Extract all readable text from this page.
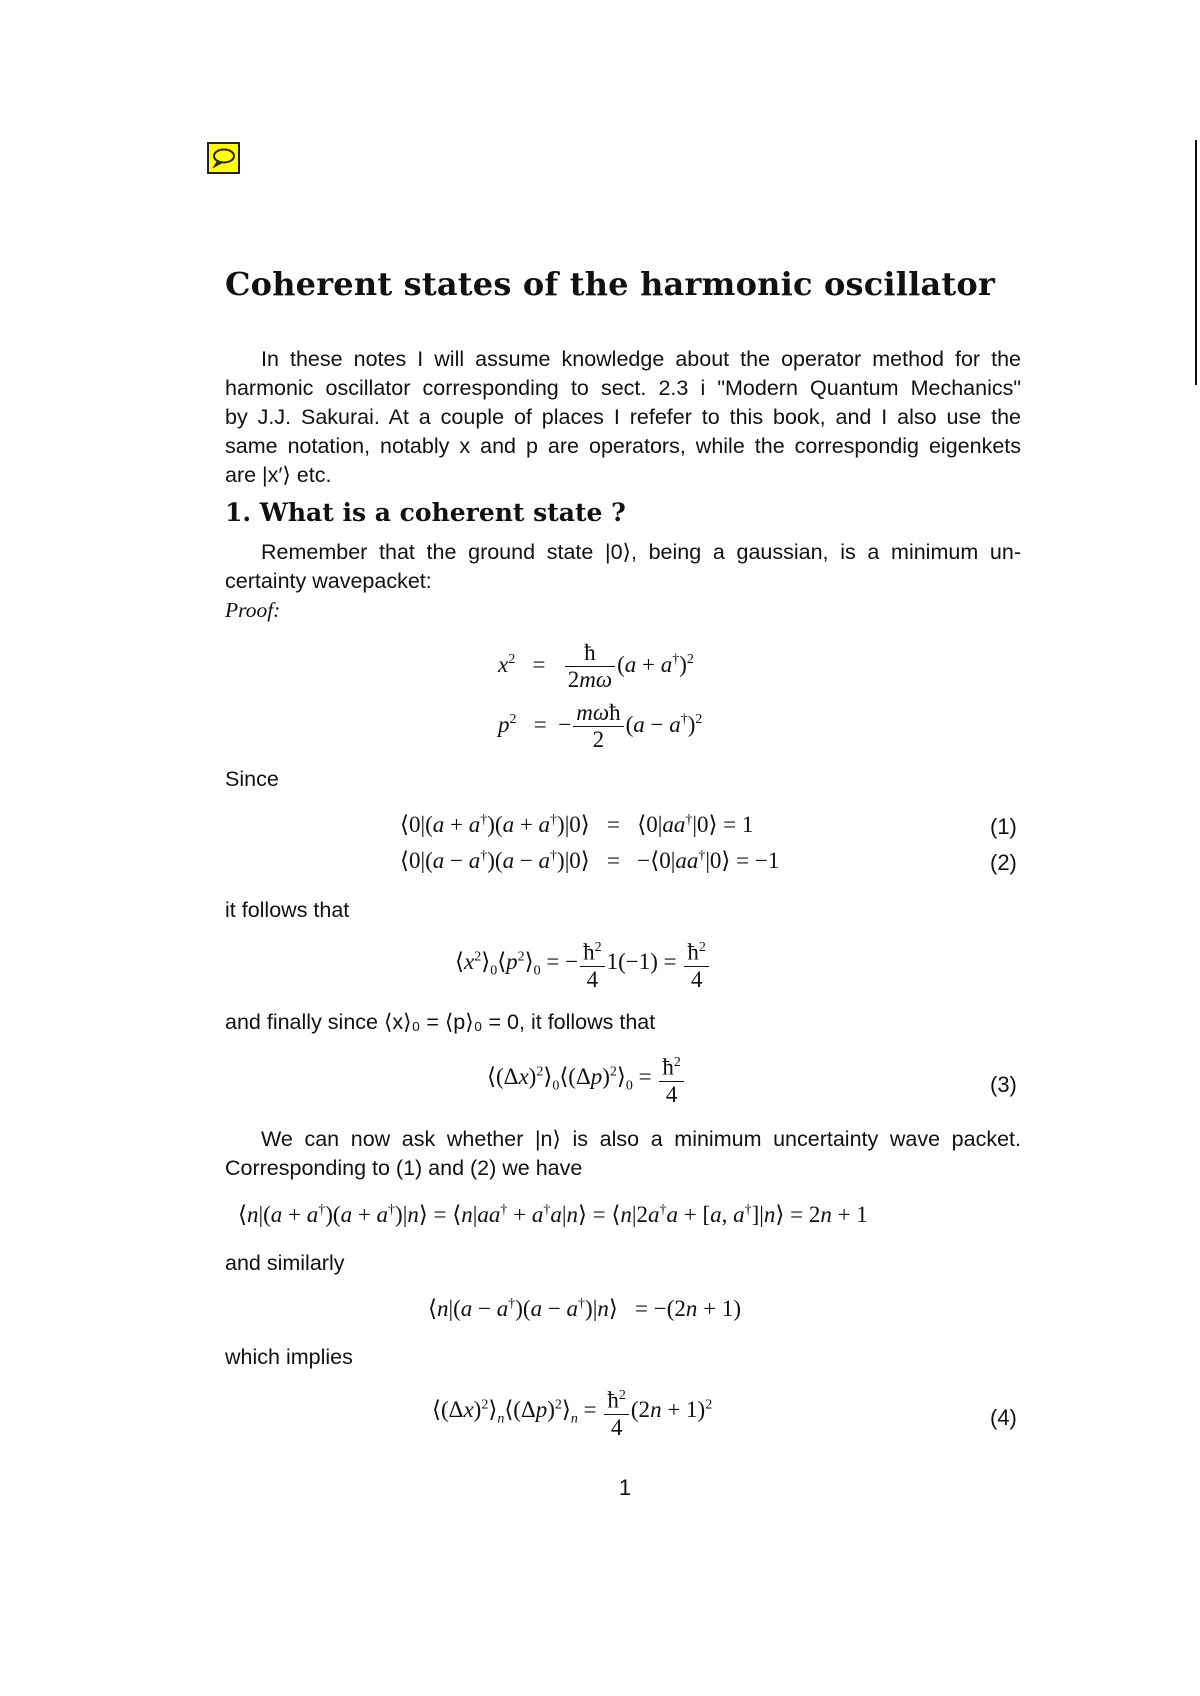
Coherent states of the harmonic oscillator
In these notes I will assume knowledge about the operator method for the
harmonic oscillator corresponding to sect. 2.3 i "Modern Quantum Mechanics"
by J.J. Sakurai. At a couple of places I refefer to this book, and I also use the
same notation, notably x and p are operators, while the correspondig eigenkets
are |x′⟩ etc.
1. What is a coherent state ?
Remember that the ground state |0⟩, being a gaussian, is a minimum un-
certainty wavepacket:
Proof:
$x^2 = \frac{ħ}{2m\omega} (a + a^\dagger)^2$
$p^2$   =  − $\frac{\text{mωħ}}{2} (a - a^\dagger)^2$
Since
⟨0|(a + a†)(a + a†)|0⟩   =   ⟨0|aa†|0⟩ = 1	(1)
⟨0|(a − a†)(a − a†)|0⟩   =   −⟨0|aa†|0⟩ = −1	(2)
it follows that
$⟨x^2⟩_0⟨p^2⟩_0$ = − $\frac{ħ^2}{4} 1(-1) = \frac{ħ^2}{4}$
and finally since ⟨x⟩₀ = ⟨p⟩₀ = 0, it follows that
$⟨(\Delta x)^2⟩_0⟨(\Delta p)^2⟩_0 = \frac{ħ^2}{4}$	(3)
We can now ask whether |n⟩ is also a minimum uncertainty wave packet.
Corresponding to (1) and (2) we have
⟨n|(a + a†)(a + a†)|n⟩ = ⟨n|aa† + a†a|n⟩ = ⟨n|2a†a + [a, a†]|n⟩ = 2n + 1
and similarly
⟨n|(a − a†)(a − a†)|n⟩   = −(2n + 1)
which implies
$⟨(\Delta x)^2⟩_n⟨(\Delta p)^2⟩_n = \frac{ħ^2}{4} (2n + 1)^2$
(4)
1
